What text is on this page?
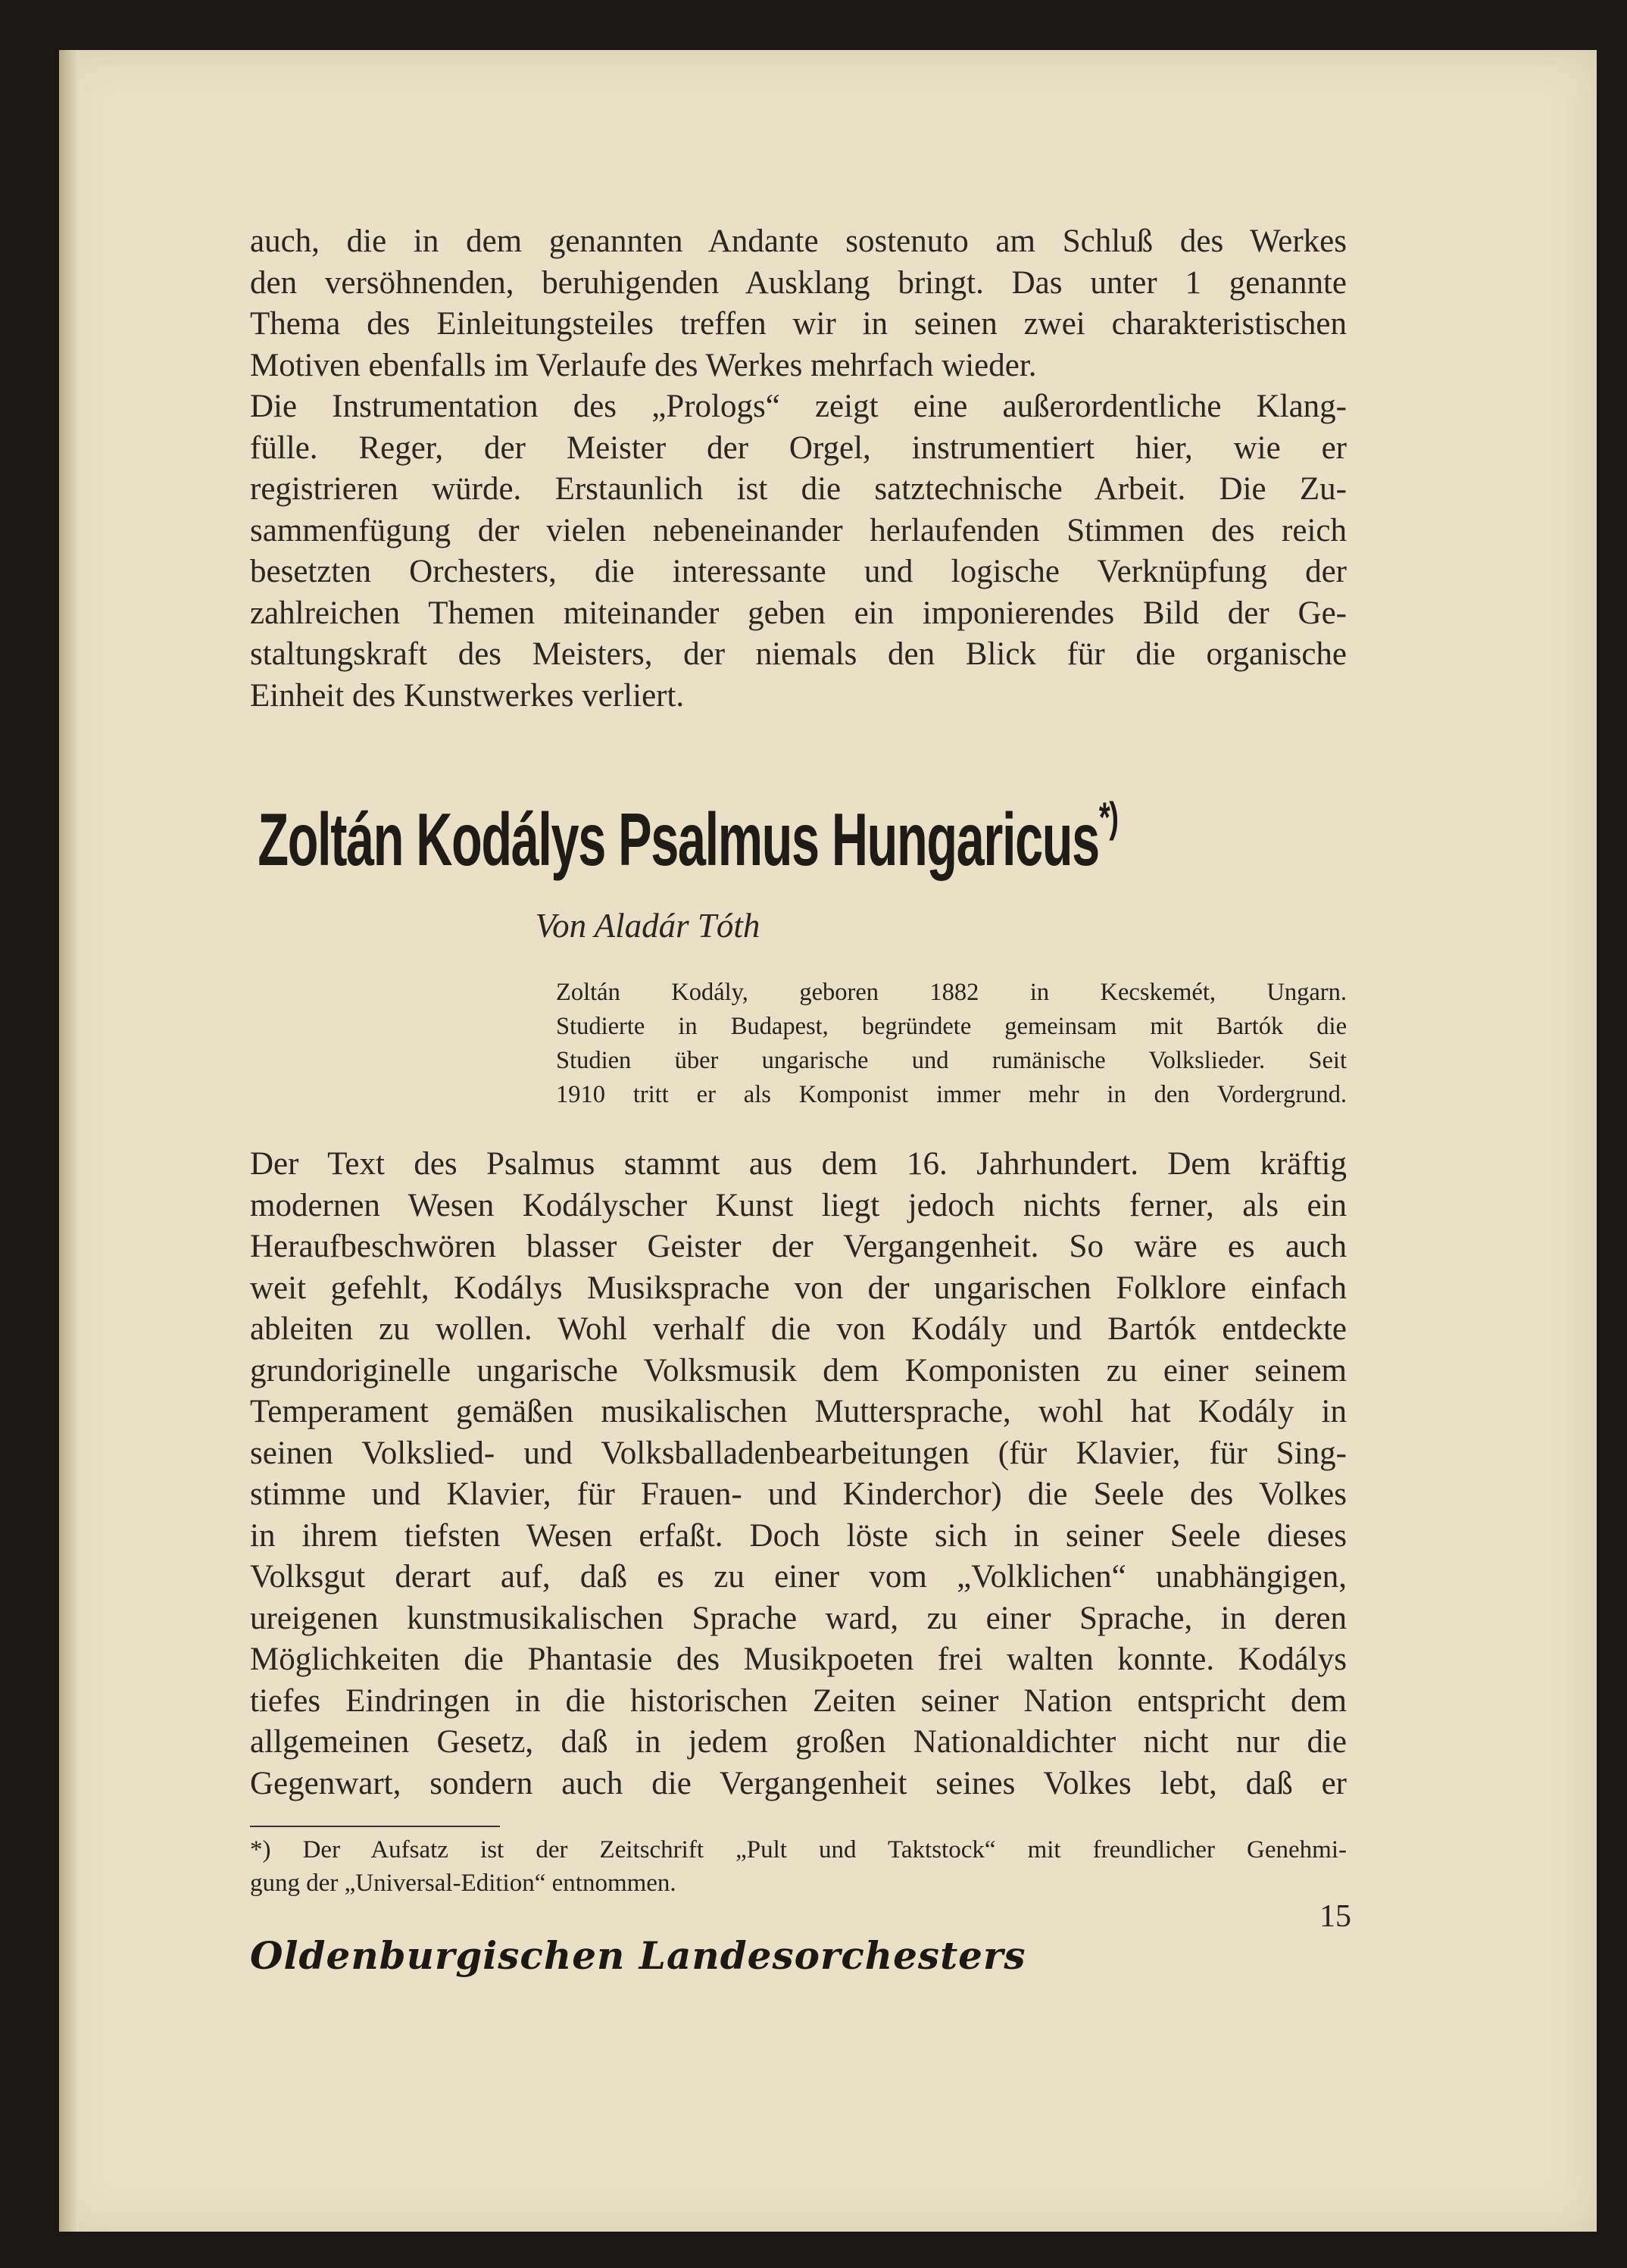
auch, die in dem genannten Andante sostenuto am Schluß des Werkes
den versöhnenden, beruhigenden Ausklang bringt. Das unter 1 genannte
Thema des Einleitungsteiles treffen wir in seinen zwei charakteristischen
Motiven ebenfalls im Verlaufe des Werkes mehrfach wieder.
Die Instrumentation des „Prologs“ zeigt eine außerordentliche Klang-
fülle. Reger, der Meister der Orgel, instrumentiert hier, wie er
registrieren würde. Erstaunlich ist die satztechnische Arbeit. Die Zu-
sammenfügung der vielen nebeneinander herlaufenden Stimmen des reich
besetzten Orchesters, die interessante und logische Verknüpfung der
zahlreichen Themen miteinander geben ein imponierendes Bild der Ge-
staltungskraft des Meisters, der niemals den Blick für die organische
Einheit des Kunstwerkes verliert.
Zoltán Kodálys Psalmus Hungaricus*)
Von Aladár Tóth
Zoltán Kodály, geboren 1882 in Kecskemét, Ungarn.
Studierte in Budapest, begründete gemeinsam mit Bartók die
Studien über ungarische und rumänische Volkslieder. Seit
1910 tritt er als Komponist immer mehr in den Vordergrund.
Der Text des Psalmus stammt aus dem 16. Jahrhundert. Dem kräftig
modernen Wesen Kodályscher Kunst liegt jedoch nichts ferner, als ein
Heraufbeschwören blasser Geister der Vergangenheit. So wäre es auch
weit gefehlt, Kodálys Musiksprache von der ungarischen Folklore einfach
ableiten zu wollen. Wohl verhalf die von Kodály und Bartók entdeckte
grundoriginelle ungarische Volksmusik dem Komponisten zu einer seinem
Temperament gemäßen musikalischen Muttersprache, wohl hat Kodály in
seinen Volkslied- und Volksballadenbearbeitungen (für Klavier, für Sing-
stimme und Klavier, für Frauen- und Kinderchor) die Seele des Volkes
in ihrem tiefsten Wesen erfaßt. Doch löste sich in seiner Seele dieses
Volksgut derart auf, daß es zu einer vom „Volklichen“ unabhängigen,
ureigenen kunstmusikalischen Sprache ward, zu einer Sprache, in deren
Möglichkeiten die Phantasie des Musikpoeten frei walten konnte. Kodálys
tiefes Eindringen in die historischen Zeiten seiner Nation entspricht dem
allgemeinen Gesetz, daß in jedem großen Nationaldichter nicht nur die
Gegenwart, sondern auch die Vergangenheit seines Volkes lebt, daß er
*) Der Aufsatz ist der Zeitschrift „Pult und Taktstock“ mit freundlicher Genehmi-
gung der „Universal-Edition“ entnommen.
15
Oldenburgischen Landesorchesters
